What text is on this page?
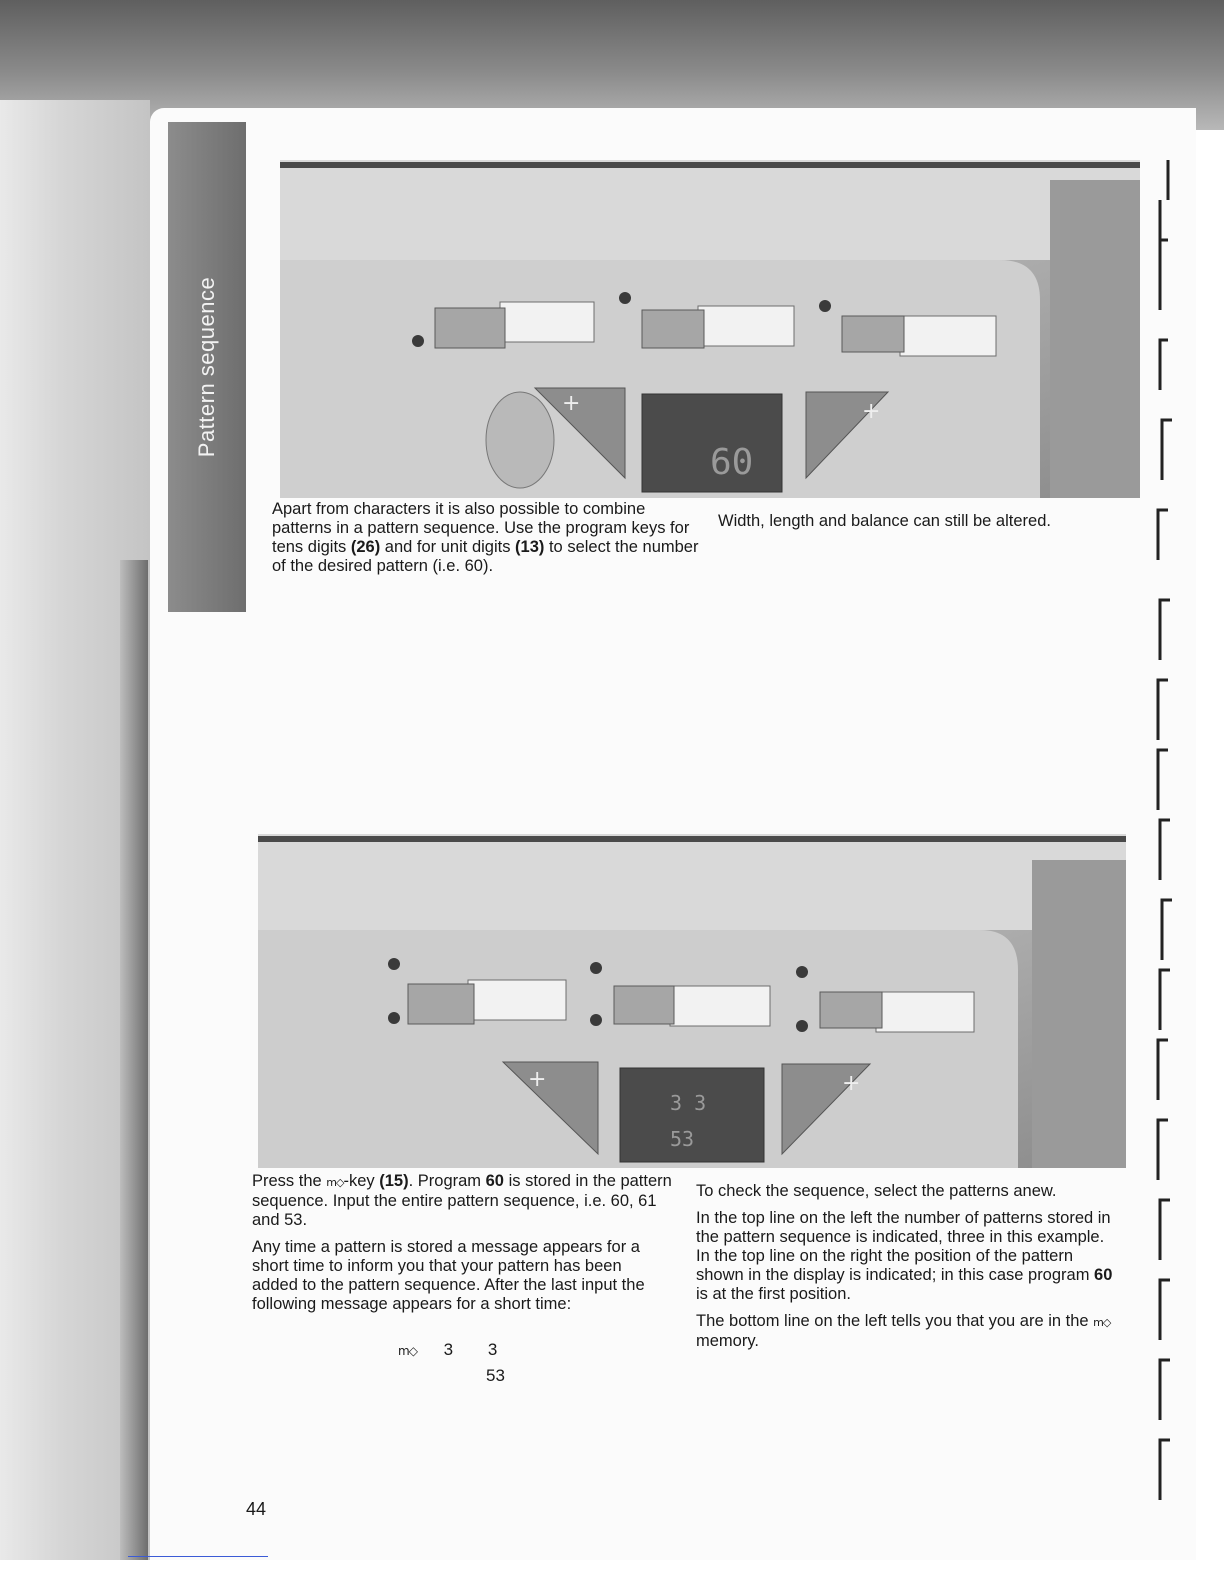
Pattern sequence	+	+
60

Apart from characters it is also possible to combine patterns in a pattern sequence. Use the program keys for tens digits (26) and for unit digits (13) to select the number of the desired pattern (i.e. 60).

Width, length and balance can still be altered.

+	+
3 3
53

Press the m◇-key (15). Program 60 is stored in the pattern sequence. Input the entire pattern sequence, i.e. 60, 61 and 53.

Any time a pattern is stored a message appears for a short time to inform you that your pattern has been added to the pattern sequence. After the last input the following message appears for a short time:

m◇ 3 3
53

To check the sequence, select the patterns anew.

In the top line on the left the number of patterns stored in the pattern sequence is indicated, three in this example. In the top line on the right the position of the pattern shown in the display is indicated; in this case program 60 is at the first position.

The bottom line on the left tells you that you are in the m◇ memory.

44
